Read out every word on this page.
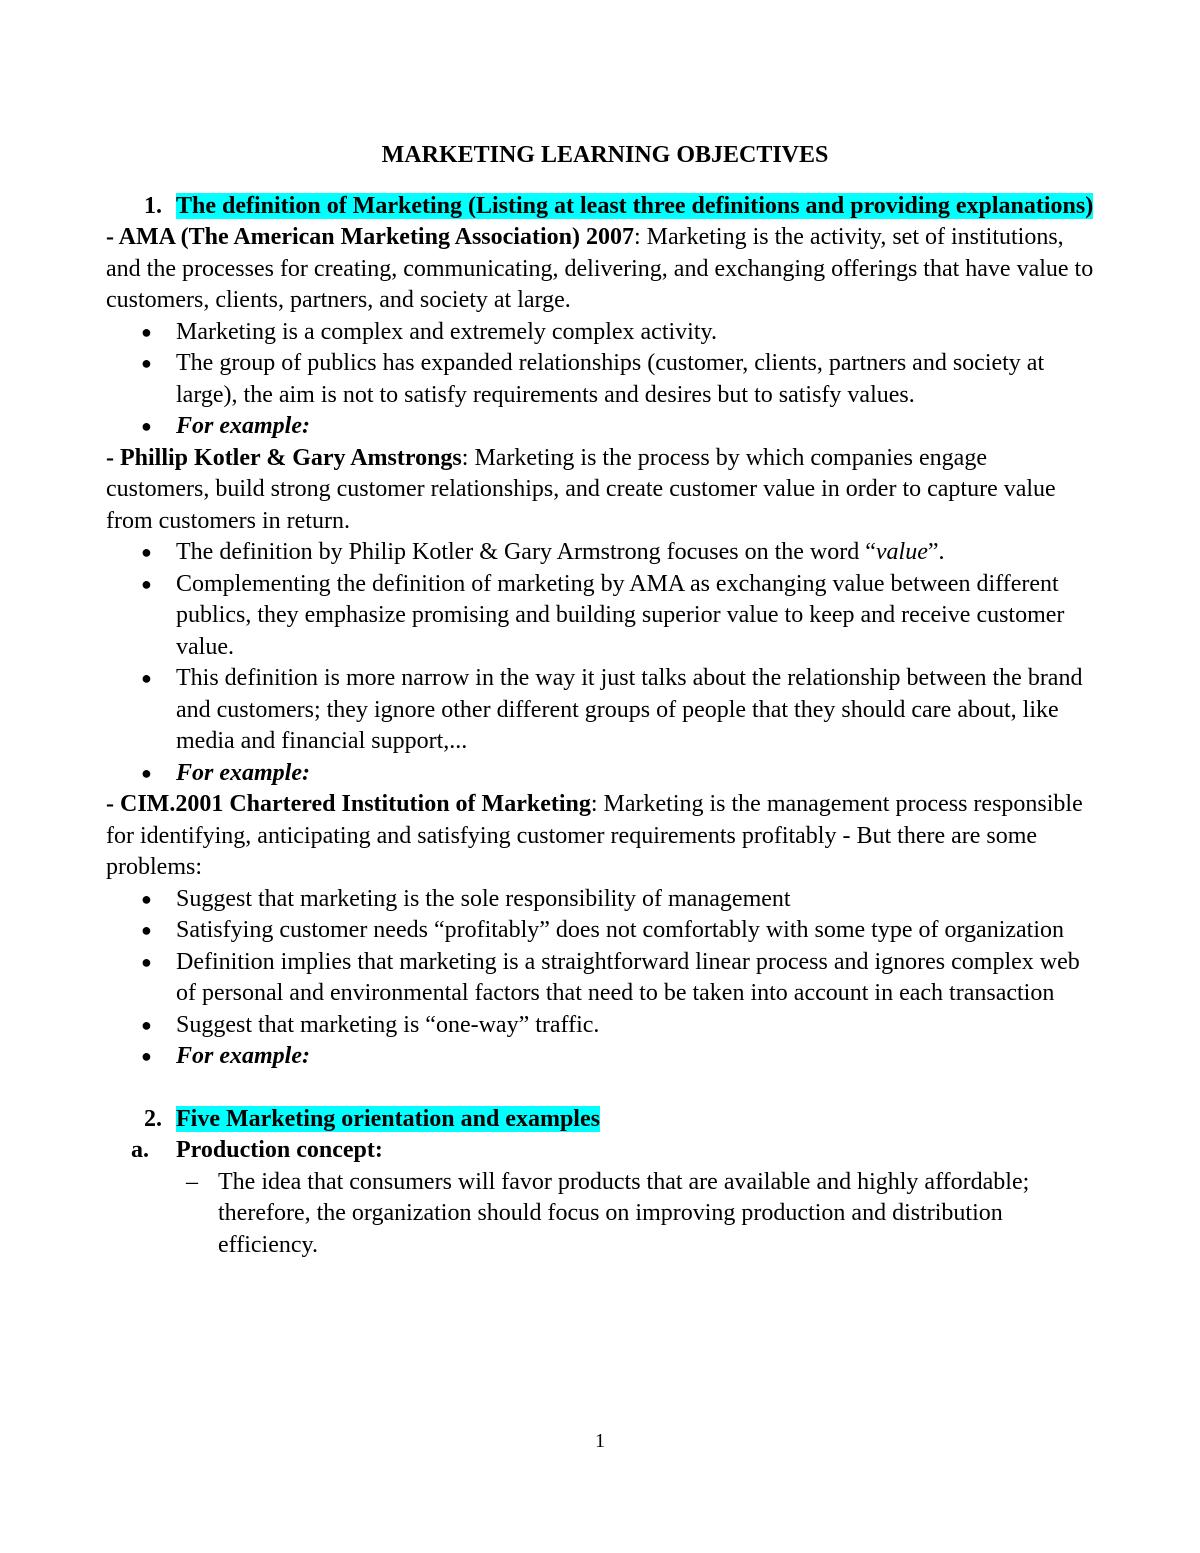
MARKETING LEARNING OBJECTIVES
1. The definition of Marketing (Listing at least three definitions and providing explanations)

- AMA (The American Marketing Association) 2007: Marketing is the activity, set of institutions, and the processes for creating, communicating, delivering, and exchanging offerings that have value to customers, clients, partners, and society at large.

● Marketing is a complex and extremely complex activity.
● The group of publics has expanded relationships (customer, clients, partners and society at large), the aim is not to satisfy requirements and desires but to satisfy values.
● For example:

- Phillip Kotler & Gary Amstrongs: Marketing is the process by which companies engage customers, build strong customer relationships, and create customer value in order to capture value from customers in return.

● The definition by Philip Kotler & Gary Armstrong focuses on the word “value”.
● Complementing the definition of marketing by AMA as exchanging value between different publics, they emphasize promising and building superior value to keep and receive customer value.
● This definition is more narrow in the way it just talks about the relationship between the brand and customers; they ignore other different groups of people that they should care about, like media and financial support,...
● For example:

- CIM.2001 Chartered Institution of Marketing: Marketing is the management process responsible for identifying, anticipating and satisfying customer requirements profitably - But there are some problems:

● Suggest that marketing is the sole responsibility of management
● Satisfying customer needs “profitably” does not comfortably with some type of organization
● Definition implies that marketing is a straightforward linear process and ignores complex web of personal and environmental factors that need to be taken into account in each transaction
● Suggest that marketing is “one-way” traffic.
● For example:
2. Five Marketing orientation and examples
a. Production concept:
– The idea that consumers will favor products that are available and highly affordable; therefore, the organization should focus on improving production and distribution efficiency.
1
